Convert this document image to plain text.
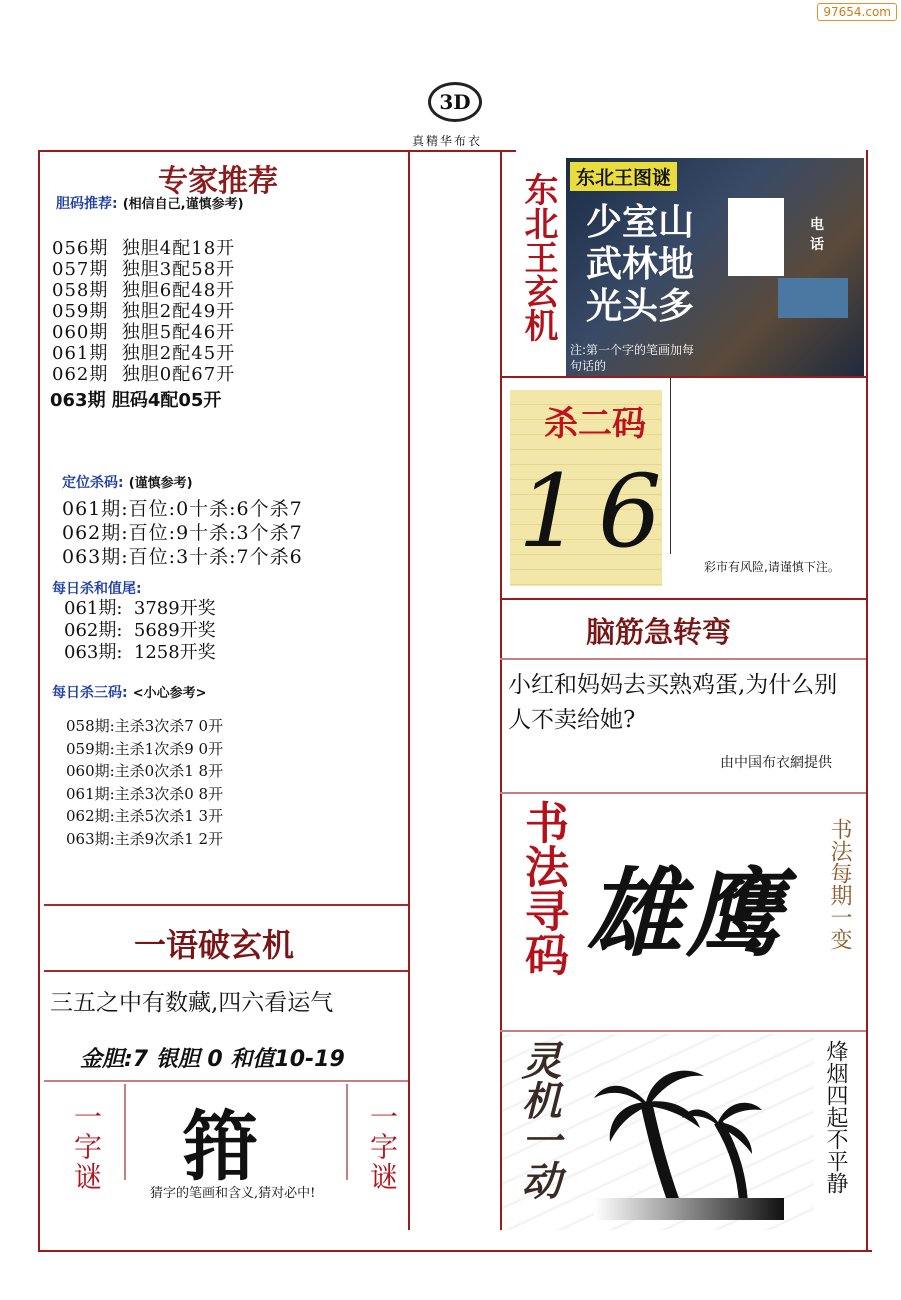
97654.com
3D
真精华布衣
专家推荐
胆码推荐: (相信自己,谨慎参考)
056期  独胆4配18开
057期  独胆3配58开
058期  独胆6配48开
059期  独胆2配49开
060期  独胆5配46开
061期  独胆2配45开
062期  独胆0配67开
063期 胆码4配05开
定位杀码: (谨慎参考)
061期:百位:0十杀:6个杀7
062期:百位:9十杀:3个杀7
063期:百位:3十杀:7个杀6
每日杀和值尾:
061期:  3789开奖
062期:  5689开奖
063期:  1258开奖
每日杀三码: <小心参考>
058期:主杀3次杀7 0开
059期:主杀1次杀9 0开
060期:主杀0次杀1 8开
061期:主杀3次杀0 8开
062期:主杀5次杀1 3开
063期:主杀9次杀1 2开
一语破玄机
三五之中有数藏,四六看运气
金胆:7 银胆 0 和值10-19
一字谜 箝
猜字的笔画和含义,猜对必中!
一字谜
东北王玄机 东北王图谜
少室山
武林地
光头多
电话
注:第一个字的笔画加每句话的
杀二码
1 6	彩市有风险,请谨慎下注。
脑筋急转弯
小红和妈妈去买熟鸡蛋,为什么别人不卖给她?
由中国布衣網提供
书法寻码 雄鹰 书法每期一变
灵机一动	烽烟四起不平静
